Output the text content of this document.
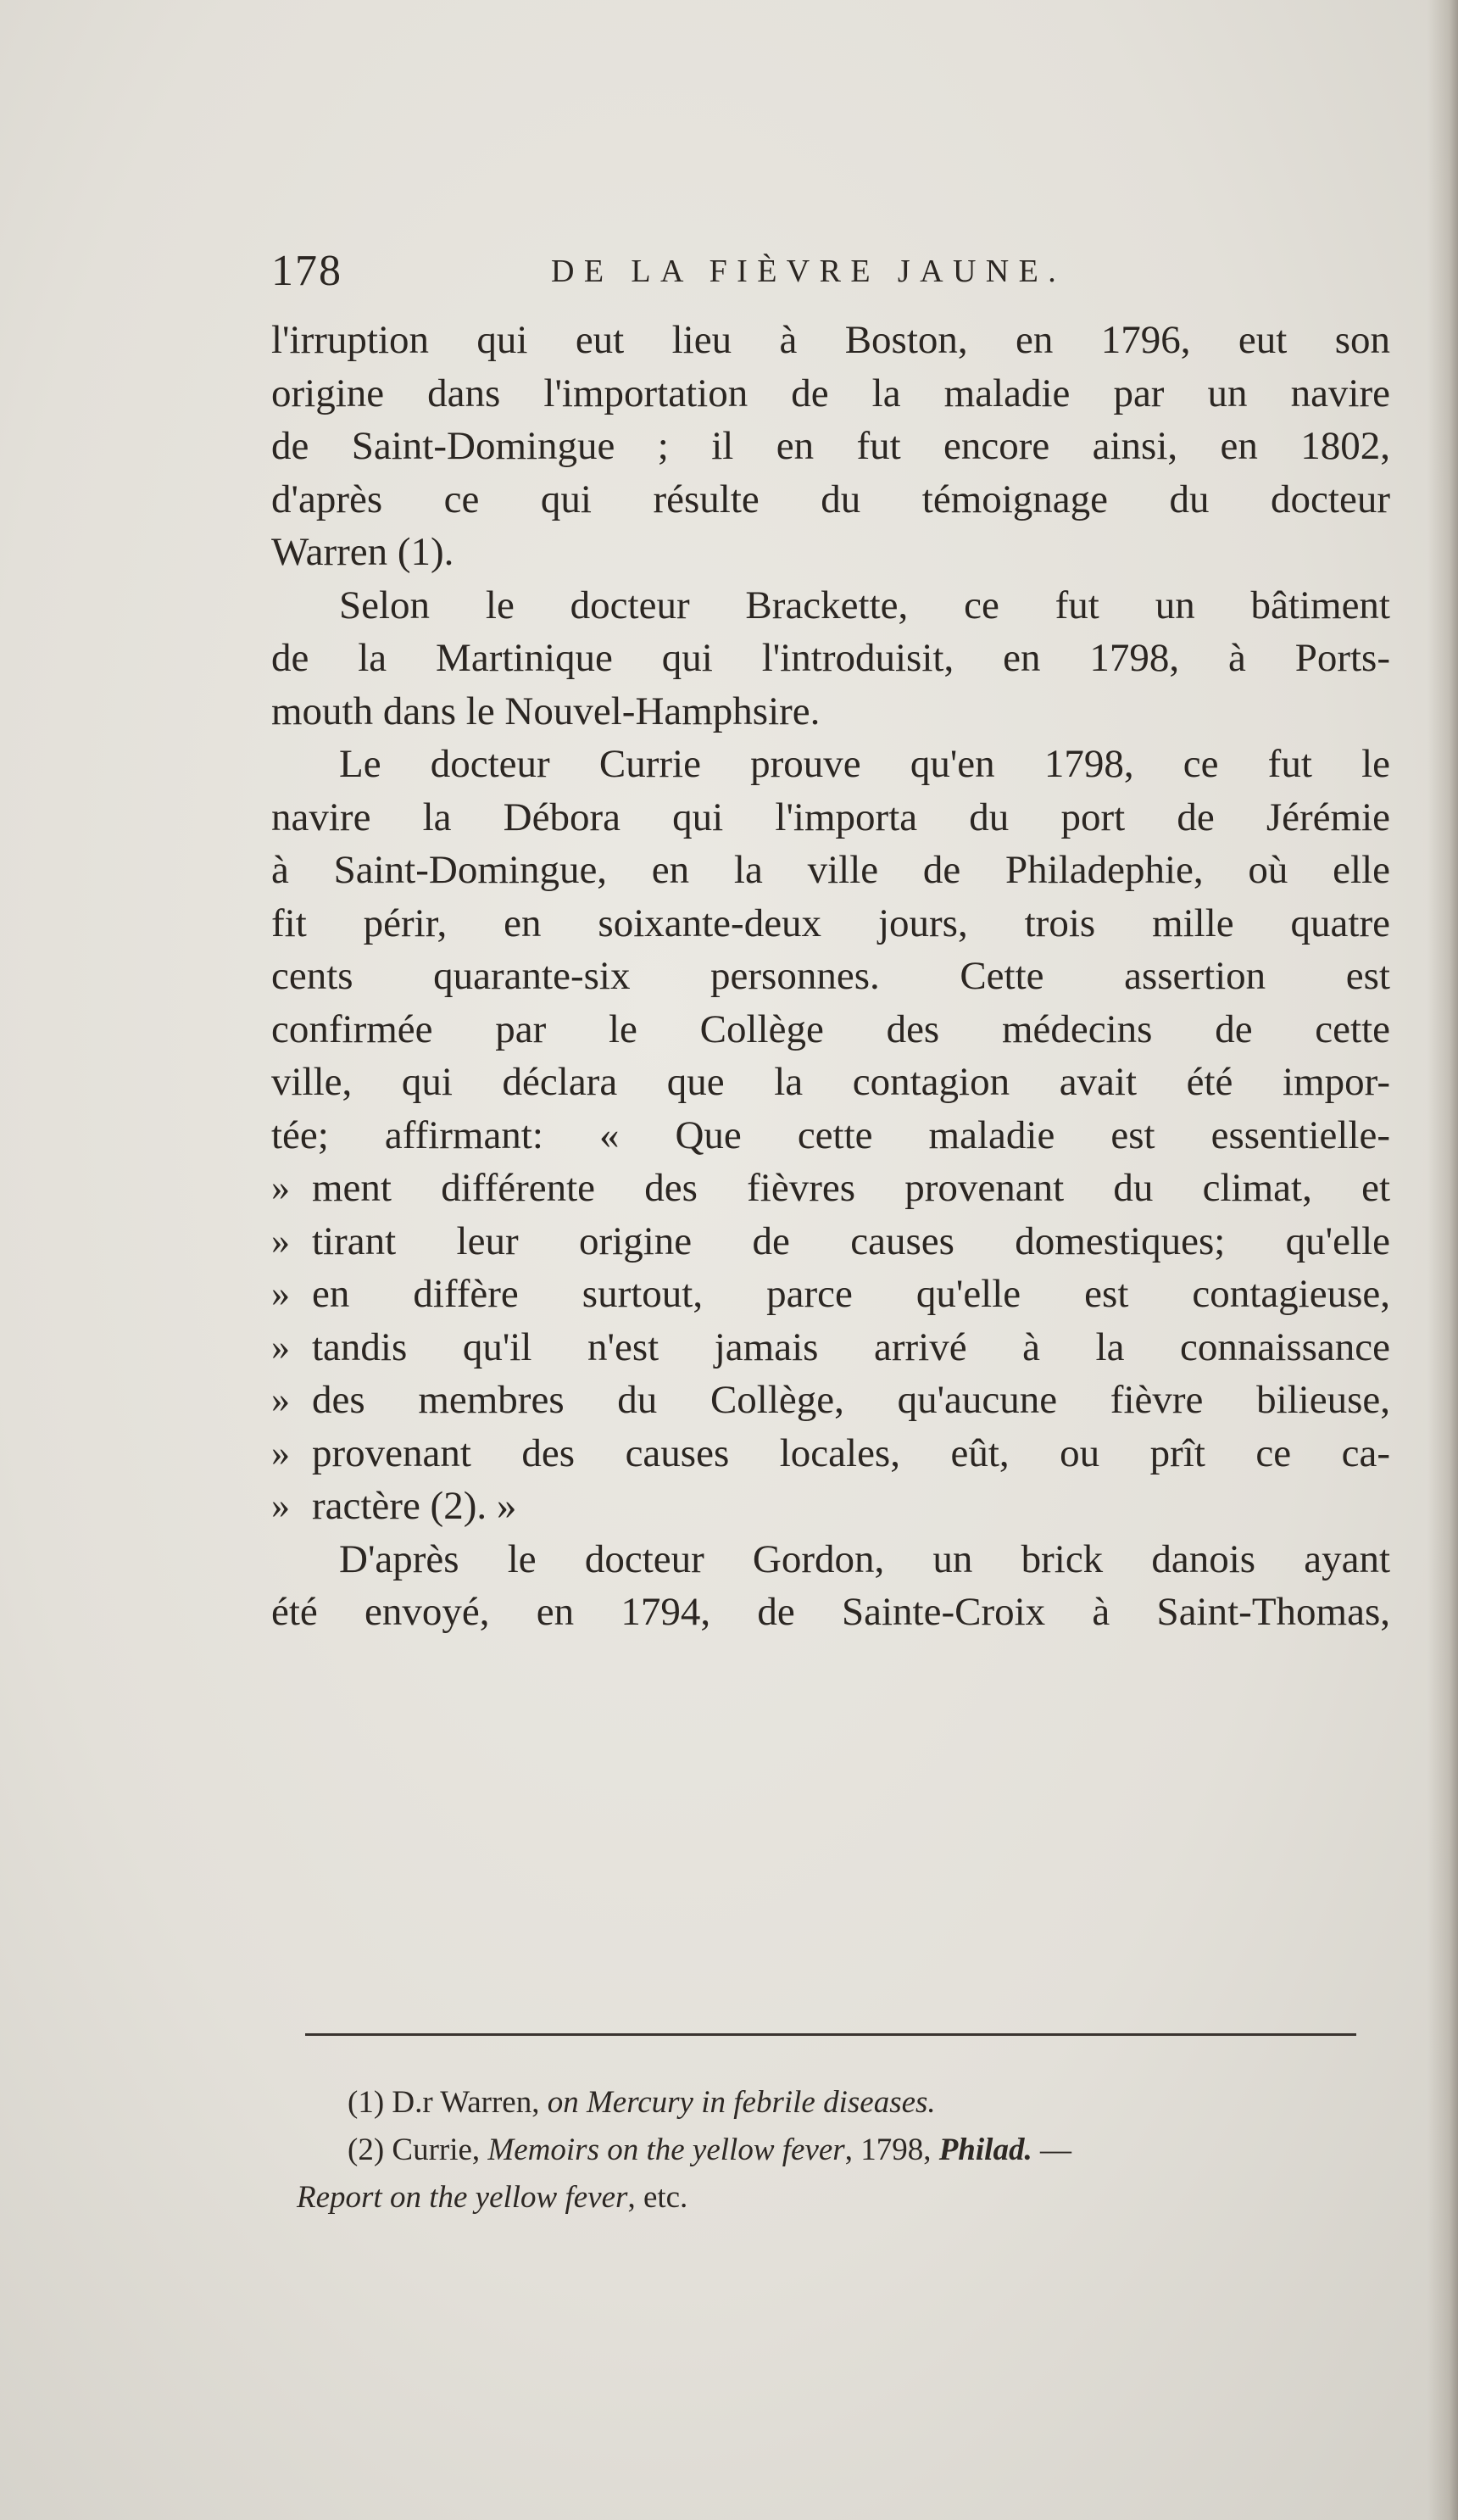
178	DE LA FIÈVRE JAUNE.
l'irruption qui eut lieu à Boston, en 1796, eut son
origine dans l'importation de la maladie par un navire
de Saint-Domingue ; il en fut encore ainsi, en 1802,
d'après ce qui résulte du témoignage du docteur
Warren (1).
Selon le docteur Brackette, ce fut un bâtiment
de la Martinique qui l'introduisit, en 1798, à Ports-
mouth dans le Nouvel-Hamphsire.
Le docteur Currie prouve qu'en 1798, ce fut le
navire la Débora qui l'importa du port de Jérémie
à Saint-Domingue, en la ville de Philadephie, où elle
fit périr, en soixante-deux jours, trois mille quatre
cents quarante-six personnes. Cette assertion est
confirmée par le Collège des médecins de cette
ville, qui déclara que la contagion avait été impor-
tée; affirmant: « Que cette maladie est essentielle-
» ment différente des fièvres provenant du climat, et
» tirant leur origine de causes domestiques; qu'elle
» en diffère surtout, parce qu'elle est contagieuse,
» tandis qu'il n'est jamais arrivé à la connaissance
» des membres du Collège, qu'aucune fièvre bilieuse,
» provenant des causes locales, eût, ou prît ce ca-
» ractère (2). »
D'après le docteur Gordon, un brick danois ayant
été envoyé, en 1794, de Sainte-Croix à Saint-Thomas,
(1) D.r Warren, on Mercury in febrile diseases.
(2) Currie, Memoirs on the yellow fever, 1798, Philad. —
Report on the yellow fever, etc.
